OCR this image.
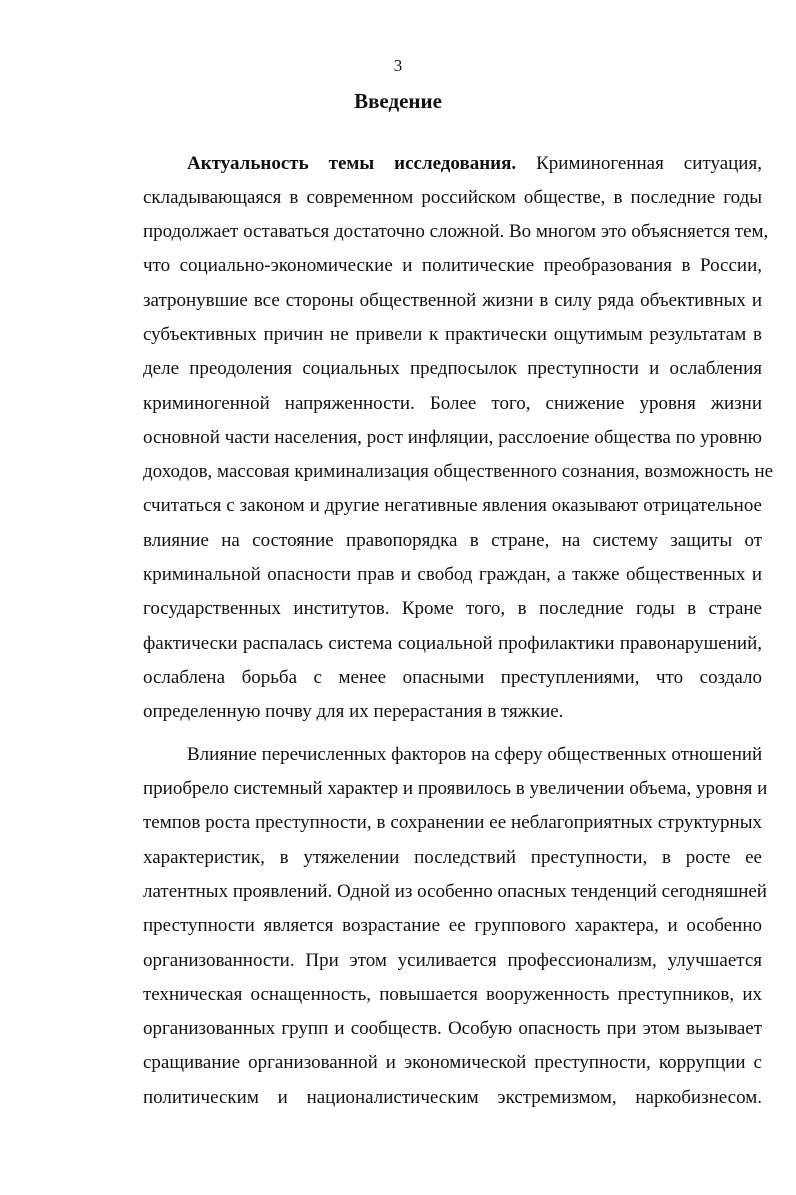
3
Введение
Актуальность темы исследования. Криминогенная ситуация,
складывающаяся в современном российском обществе, в последние годы
продолжает оставаться достаточно сложной. Во многом это объясняется тем,
что социально-экономические и политические преобразования в России,
затронувшие все стороны общественной жизни в силу ряда объективных и
субъективных причин не привели к практически ощутимым результатам в
деле преодоления социальных предпосылок преступности и ослабления
криминогенной напряженности. Более того, снижение уровня жизни
основной части населения, рост инфляции, расслоение общества по уровню
доходов, массовая криминализация общественного сознания, возможность не
считаться с законом и другие негативные явления оказывают отрицательное
влияние на состояние правопорядка в стране, на систему защиты от
криминальной опасности прав и свобод граждан, а также общественных и
государственных институтов. Кроме того, в последние годы в стране
фактически распалась система социальной профилактики правонарушений,
ослаблена борьба с менее опасными преступлениями, что создало
определенную почву для их перерастания в тяжкие.
Влияние перечисленных факторов на сферу общественных отношений
приобрело системный характер и проявилось в увеличении объема, уровня и
темпов роста преступности, в сохранении ее неблагоприятных структурных
характеристик, в утяжелении последствий преступности, в росте ее
латентных проявлений. Одной из особенно опасных тенденций сегодняшней
преступности является возрастание ее группового характера, и особенно
организованности. При этом усиливается профессионализм, улучшается
техническая оснащенность, повышается вооруженность преступников, их
организованных групп и сообществ. Особую опасность при этом вызывает
сращивание организованной и экономической преступности, коррупции с
политическим и националистическим экстремизмом, наркобизнесом.
